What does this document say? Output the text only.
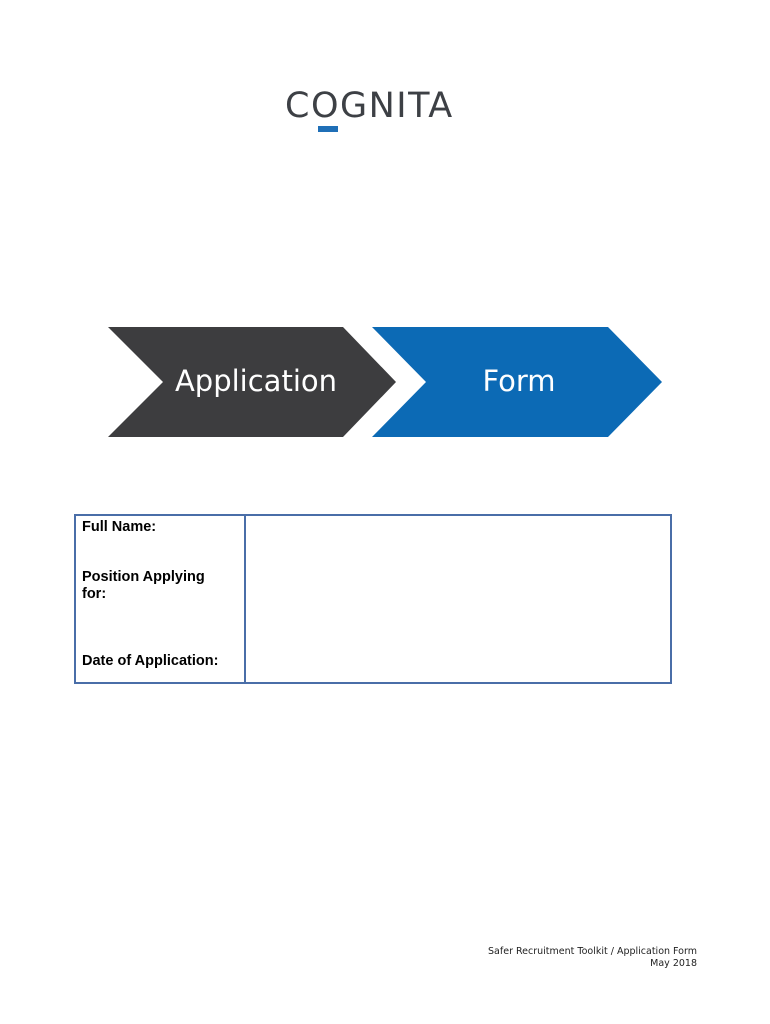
COGNITA
Application	Form
Full Name:
Position Applying
for:
Date of Application:
Safer Recruitment Toolkit / Application Form
May 2018
